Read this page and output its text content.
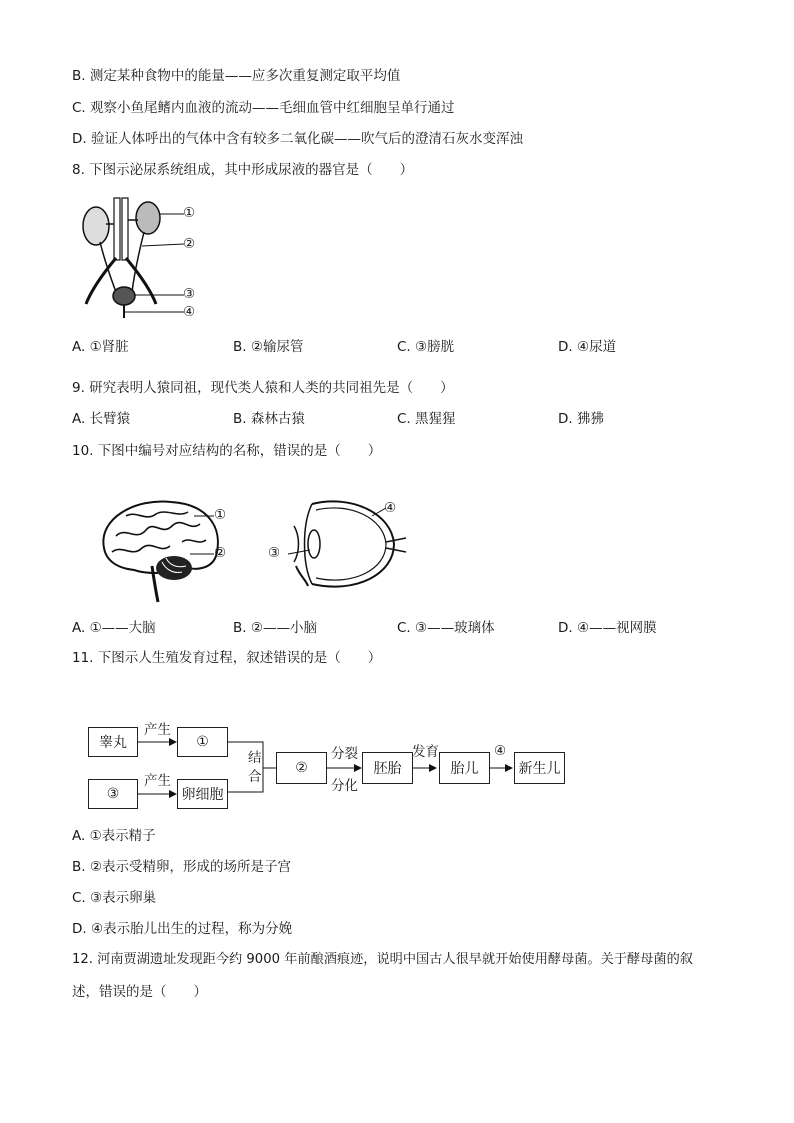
B. 测定某种食物中的能量——应多次重复测定取平均值
C. 观察小鱼尾鳍内血液的流动——毛细血管中红细胞呈单行通过
D. 验证人体呼出的气体中含有较多二氧化碳——吹气后的澄清石灰水变浑浊
8. 下图示泌尿系统组成，其中形成尿液的器官是（　　）
①
②
③
④
A. ①肾脏	B. ②输尿管	C. ③膀胱	D. ④尿道
9. 研究表明人猿同祖，现代类人猿和人类的共同祖先是（　　）
A. 长臂猿	B. 森林古猿	C. 黑猩猩	D. 狒狒
10. 下图中编号对应结构的名称，错误的是（　　）
①
②
④
③
A. ①——大脑	B. ②——小脑	C. ③——玻璃体	D. ④——视网膜
11. 下图示人生殖发育过程，叙述错误的是（　　）
睾丸
产生
①
③
产生
卵细胞
结
合
②
分裂
分化
胚胎
发育
胎儿
④
新生儿
A. ①表示精子
B. ②表示受精卵，形成的场所是子宫
C. ③表示卵巢
D. ④表示胎儿出生的过程，称为分娩
12. 河南贾湖遗址发现距今约 9000 年前酿酒痕迹，说明中国古人很早就开始使用酵母菌。关于酵母菌的叙
述，错误的是（　　）
